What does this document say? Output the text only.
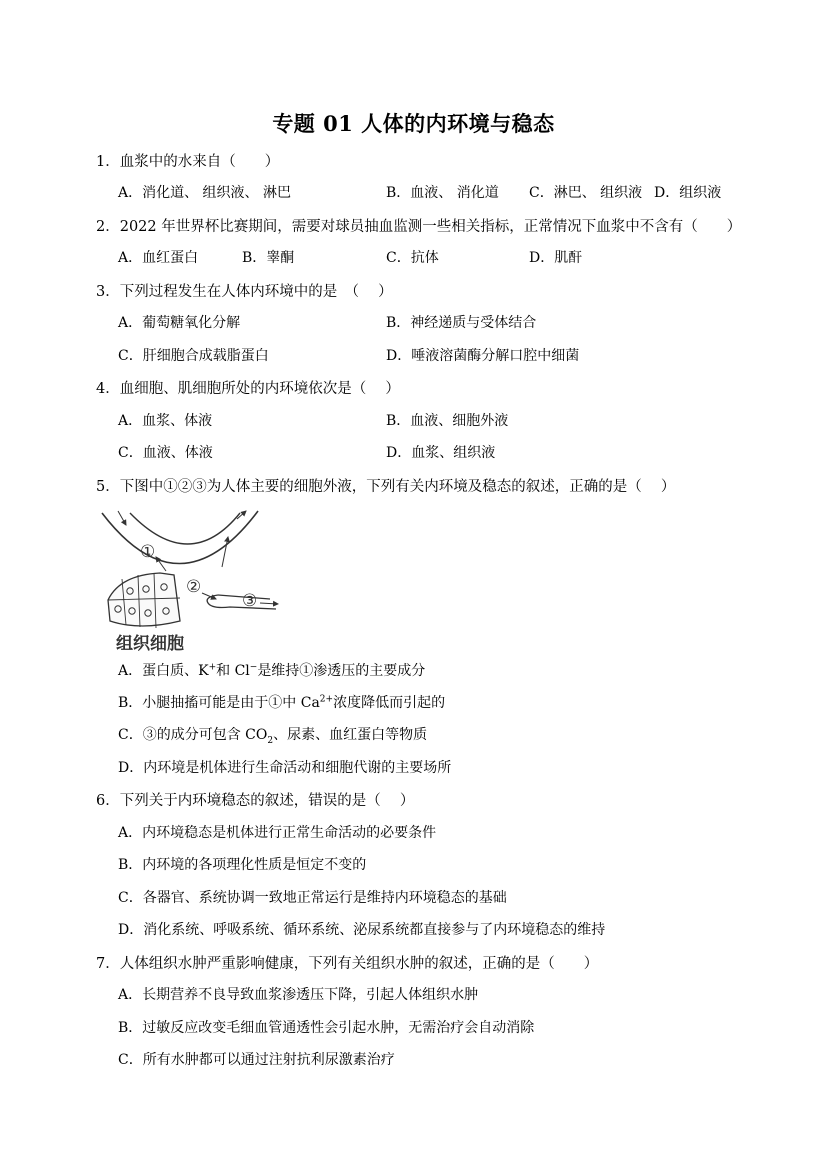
专题 01 人体的内环境与稳态
1．血浆中的水来自（　　）
A．消化道、 组织液、 淋巴	B．血液、 消化道 C．淋巴、 组织液 D．组织液
2．2022 年世界杯比赛期间，需要对球员抽血监测一些相关指标，正常情况下血浆中不含有（　　）
A．血红蛋白	B．睾酮	C．抗体	D．肌酐
3．下列过程发生在人体内环境中的是　（　 ）
A．葡萄糖氧化分解	B．神经递质与受体结合
C．肝细胞合成载脂蛋白	D．唾液溶菌酶分解口腔中细菌
4．血细胞、肌细胞所处的内环境依次是（　 ）
A．血浆、体液	B．血液、细胞外液
C．血液、体液	D．血浆、组织液
5．下图中①②③为人体主要的细胞外液，下列有关内环境及稳态的叙述，正确的是（　 ）
①
②
③
组织细胞
A．蛋白质、K+和 Cl−是维持①渗透压的主要成分
B．小腿抽搐可能是由于①中 $Ca^{2+}$浓度降低而引起的
C．③的成分可包含 $CO_2$、尿素、血红蛋白等物质
D．内环境是机体进行生命活动和细胞代谢的主要场所
6．下列关于内环境稳态的叙述，错误的是（　 ）
A．内环境稳态是机体进行正常生命活动的必要条件
B．内环境的各项理化性质是恒定不变的
C．各器官、系统协调一致地正常运行是维持内环境稳态的基础
D．消化系统、呼吸系统、循环系统、泌尿系统都直接参与了内环境稳态的维持
7．人体组织水肿严重影响健康，下列有关组织水肿的叙述，正确的是（　　）
A．长期营养不良导致血浆渗透压下降，引起人体组织水肿
B．过敏反应改变毛细血管通透性会引起水肿，无需治疗会自动消除
C．所有水肿都可以通过注射抗利尿激素治疗
